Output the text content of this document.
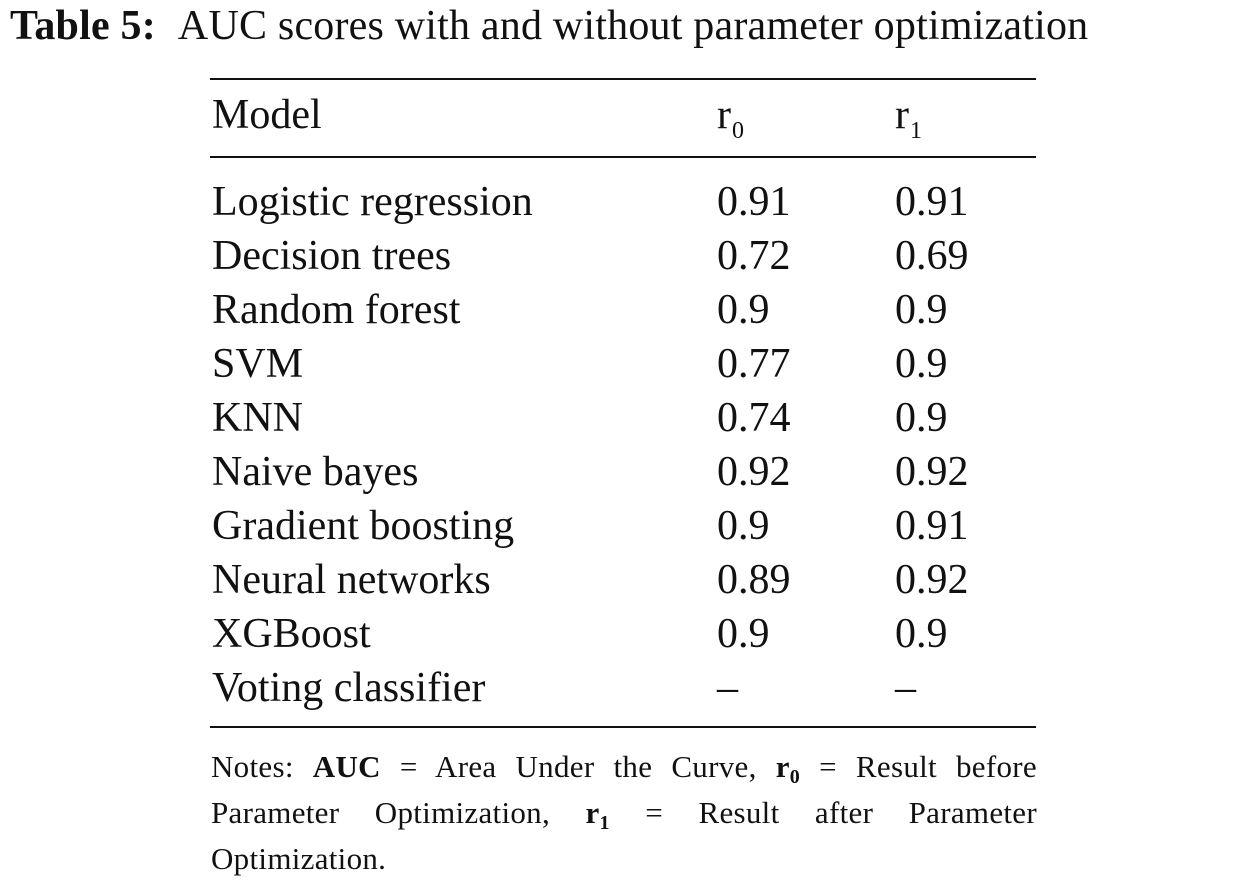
Table 5: AUC scores with and without parameter optimization
Model	$r_0$	$r_1$
Logistic regression	0.91 0.91
Decision trees	0.72 0.69
Random forest	0.9	0.9
SVM	0.77 0.9
KNN	0.74 0.9
Naive bayes	0.92 0.92
Gradient boosting	0.9	0.91
Neural networks	0.89 0.92
XGBoost	0.9	0.9
Voting classifier	–	–
Notes: AUC = Area Under the Curve, r0 = Result before Parameter Optimization, r1 = Result after Parameter Optimization.
